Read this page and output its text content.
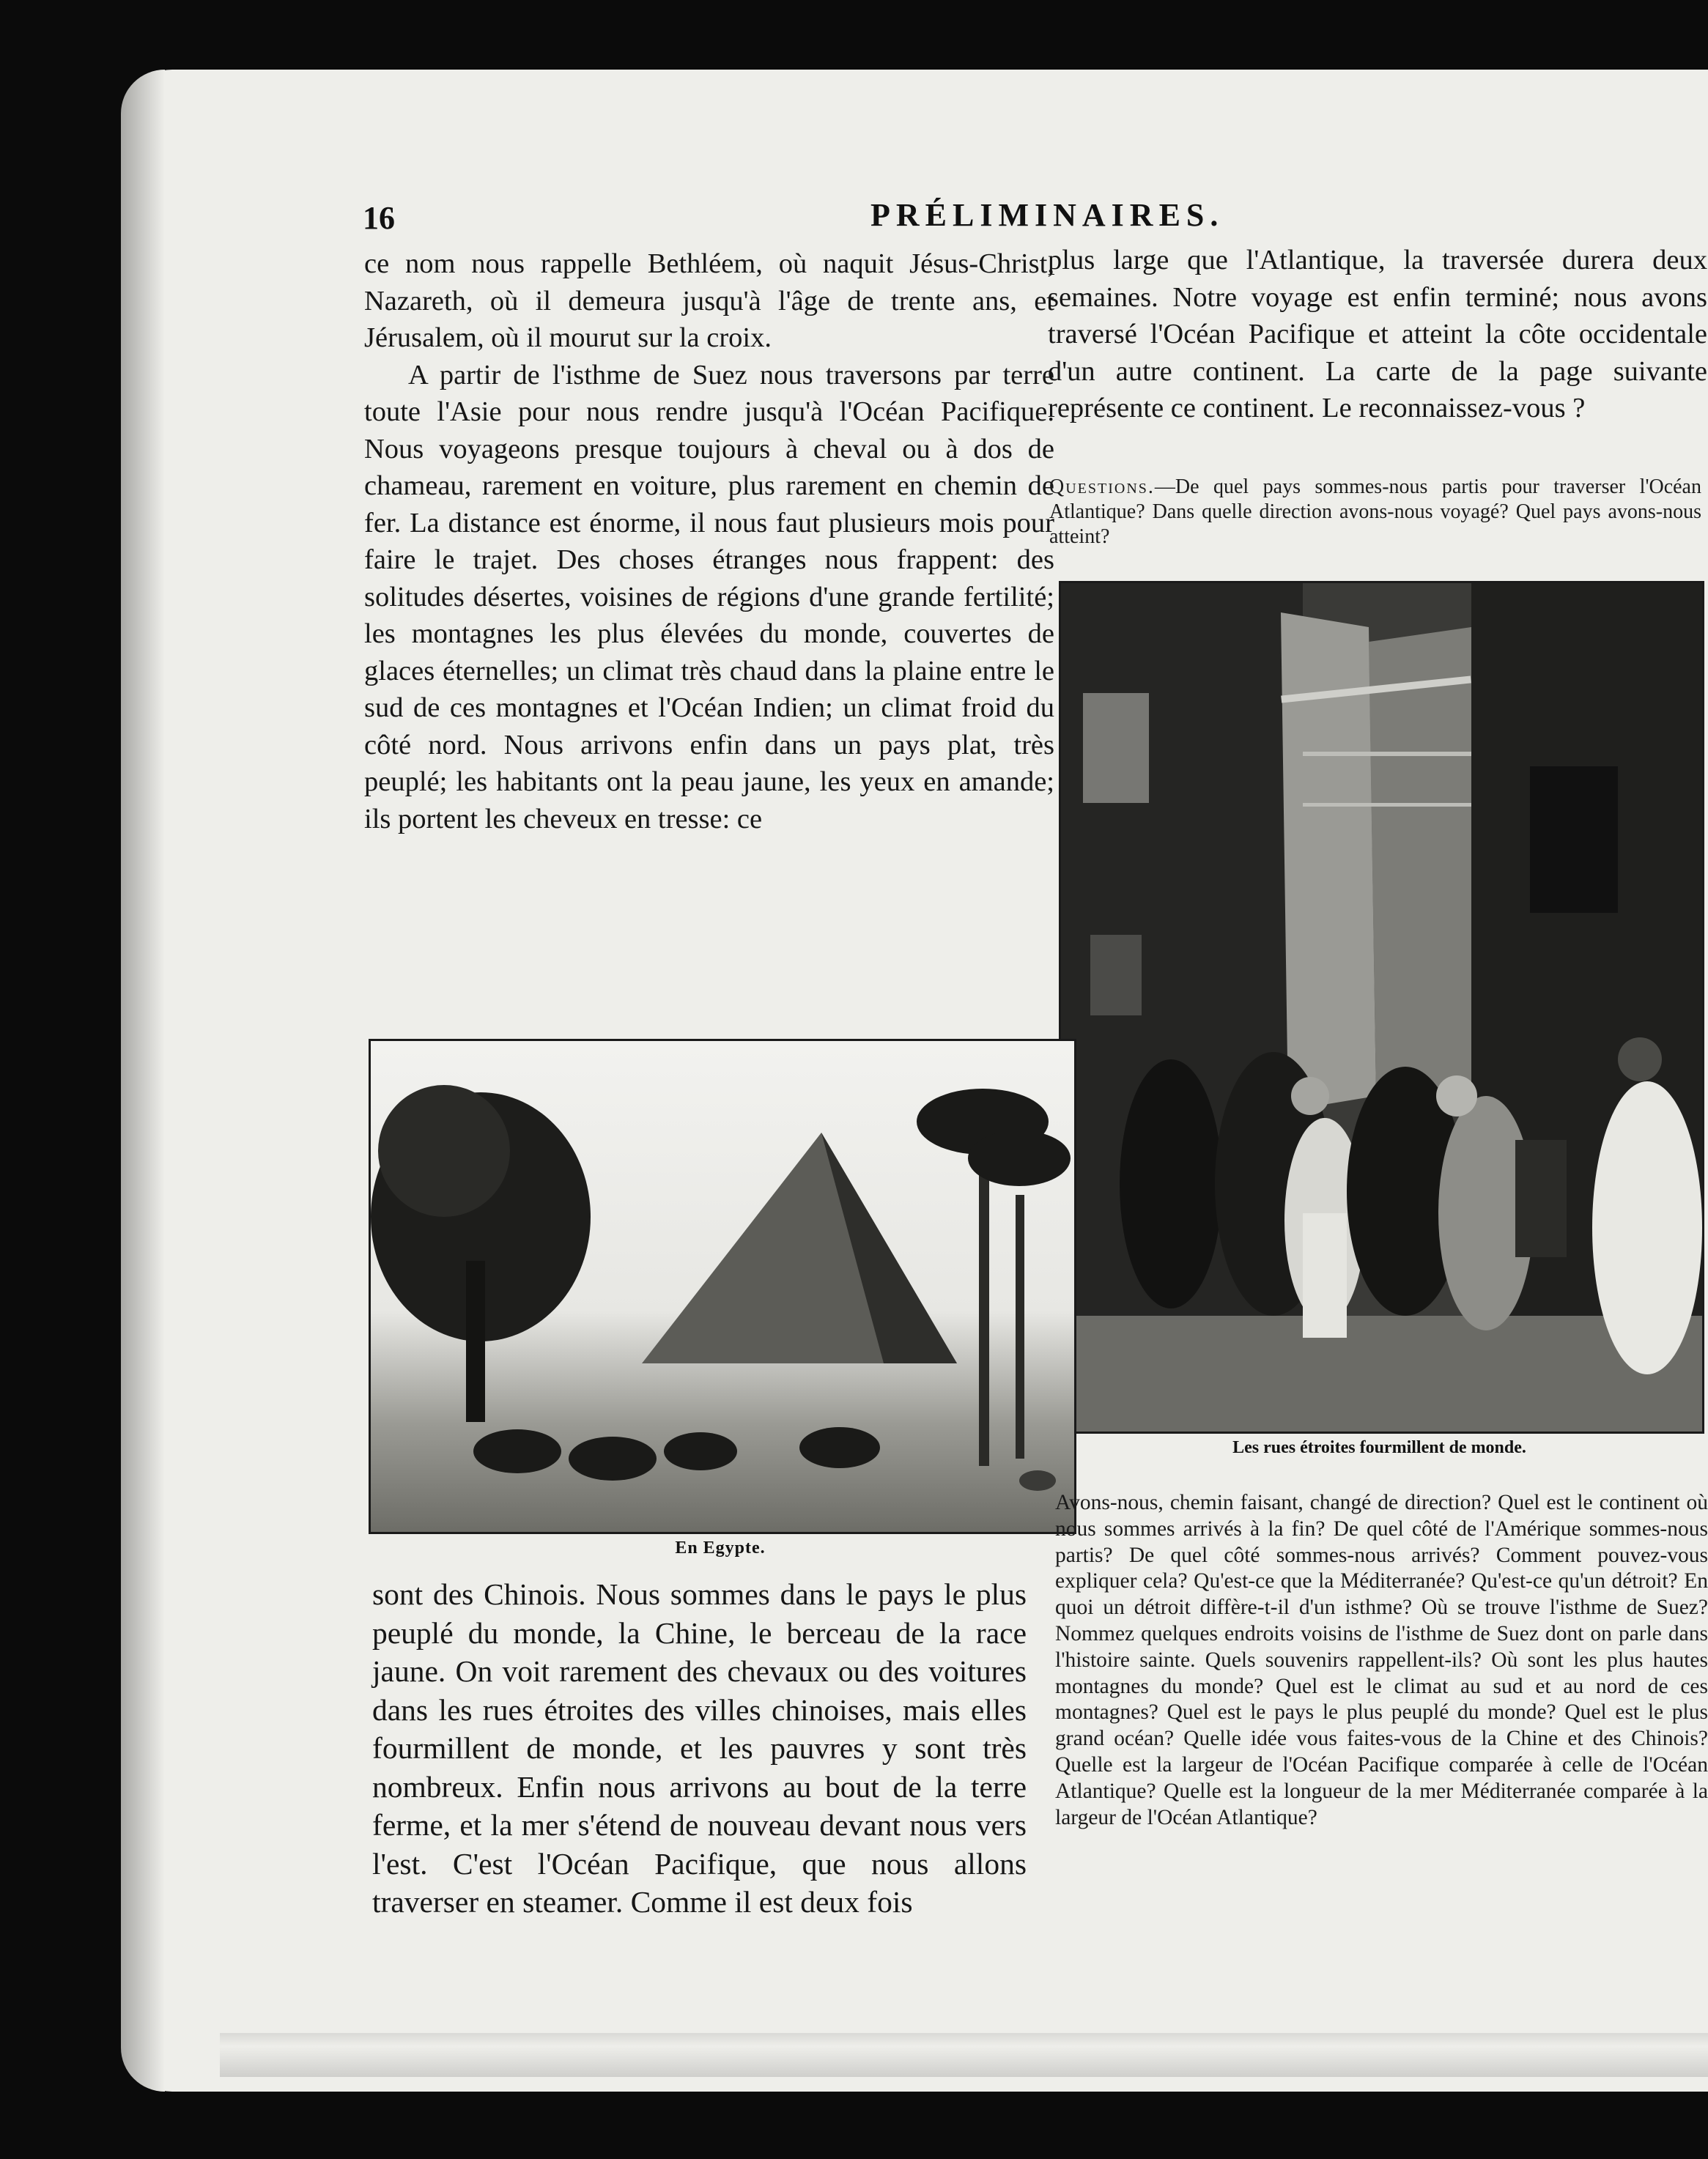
16	PRÉLIMINAIRES.

ce nom nous rappelle Bethléem, où naquit Jésus-Christ, Nazareth, où il demeura jusqu'à l'âge de trente ans, et Jérusalem, où il mourut sur la croix.

A partir de l'isthme de Suez nous traversons par terre toute l'Asie pour nous rendre jusqu'à l'Océan Pacifique. Nous voyageons presque toujours à cheval ou à dos de chameau, rarement en voiture, plus rarement en chemin de fer. La distance est énorme, il nous faut plusieurs mois pour faire le trajet. Des choses étranges nous frappent: des solitudes désertes, voisines de régions d'une grande fertilité; les montagnes les plus élevées du monde, couvertes de glaces éternelles; un climat très chaud dans la plaine entre le sud de ces montagnes et l'Océan Indien; un climat froid du côté nord. Nous arrivons enfin dans un pays plat, très peuplé; les habitants ont la peau jaune, les yeux en amande; ils portent les cheveux en tresse: ce

plus large que l'Atlantique, la traversée durera deux semaines. Notre voyage est enfin terminé; nous avons traversé l'Océan Pacifique et atteint la côte occidentale d'un autre continent. La carte de la page suivante représente ce continent. Le reconnaissez-vous ?

Questions.—De quel pays sommes-nous partis pour traverser l'Océan Atlantique? Dans quelle direction avons-nous voyagé? Quel pays avons-nous atteint?
Les rues étroites fourmillent de monde.
En Egypte.

sont des Chinois. Nous sommes dans le pays le plus peuplé du monde, la Chine, le berceau de la race jaune. On voit rarement des chevaux ou des voitures dans les rues étroites des villes chinoises, mais elles fourmillent de monde, et les pauvres y sont très nombreux. Enfin nous arrivons au bout de la terre ferme, et la mer s'étend de nouveau devant nous vers l'est. C'est l'Océan Pacifique, que nous allons traverser en steamer. Comme il est deux fois

Avons-nous, chemin faisant, changé de direction? Quel est le continent où nous sommes arrivés à la fin? De quel côté de l'Amérique sommes-nous partis? De quel côté sommes-nous arrivés? Comment pouvez-vous expliquer cela? Qu'est-ce que la Méditerranée? Qu'est-ce qu'un détroit? En quoi un détroit diffère-t-il d'un isthme? Où se trouve l'isthme de Suez? Nommez quelques endroits voisins de l'isthme de Suez dont on parle dans l'histoire sainte. Quels souvenirs rappellent-ils? Où sont les plus hautes montagnes du monde? Quel est le climat au sud et au nord de ces montagnes? Quel est le pays le plus peuplé du monde? Quel est le plus grand océan? Quelle idée vous faites-vous de la Chine et des Chinois? Quelle est la largeur de l'Océan Pacifique comparée à celle de l'Océan Atlantique? Quelle est la longueur de la mer Méditerranée comparée à la largeur de l'Océan Atlantique?
